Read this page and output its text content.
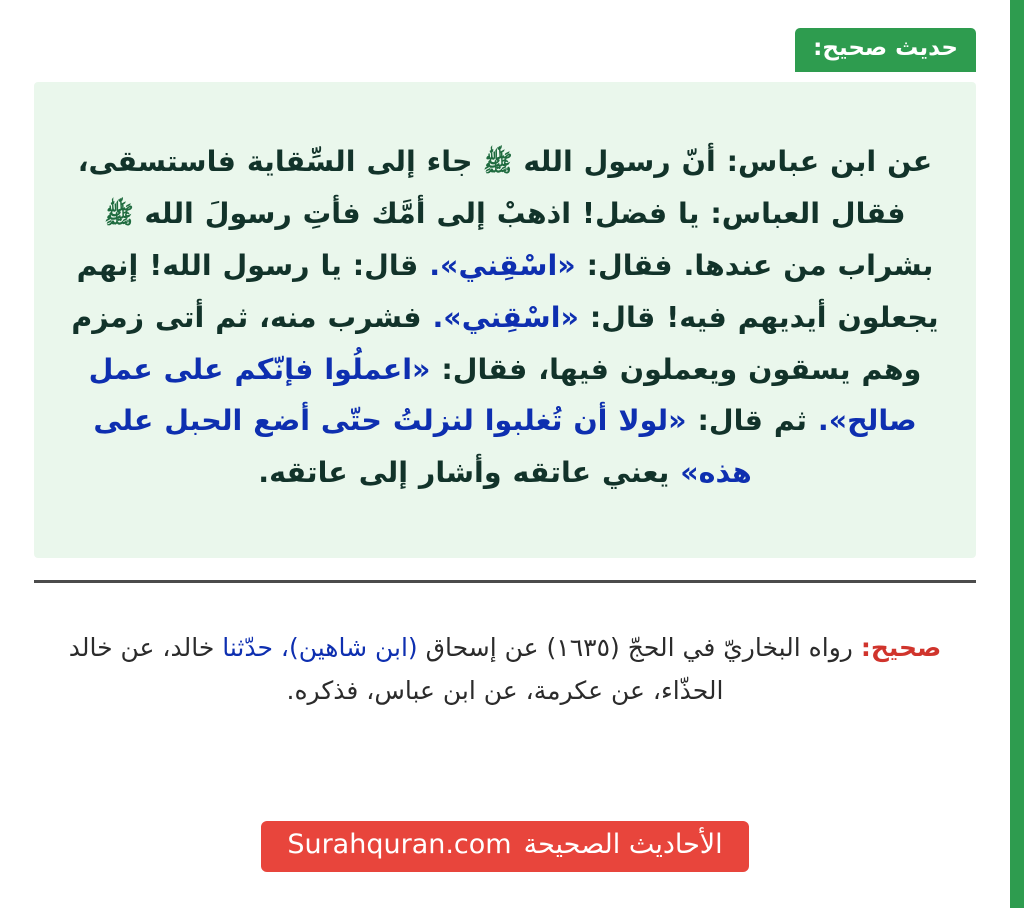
حديث صحيح:

عن ابن عباس: أنّ رسول الله ﷺ جاء إلى السِّقاية فاستسقى، فقال العباس: يا فضل! اذهبْ إلى أمَّك فأتِ رسولَ الله ﷺ بشراب من عندها. فقال: «اسْقِني». قال: يا رسول الله! إنهم يجعلون أيديهم فيه! قال: «اسْقِني». فشرب منه، ثم أتى زمزم وهم يسقون ويعملون فيها، فقال: «اعملُوا فإنّكم على عمل صالح». ثم قال: «لولا أن تُغلبوا لنزلتُ حتّى أضع الحبل على هذه» يعني عاتقه وأشار إلى عاتقه.

صحيح: رواه البخاريّ في الحجّ (١٦٣٥) عن إسحاق (ابن شاهين)، حدّثنا خالد، عن خالد الحذّاء، عن عكرمة، عن ابن عباس، فذكره.

الأحاديث الصحيحة
Surahquran.com
